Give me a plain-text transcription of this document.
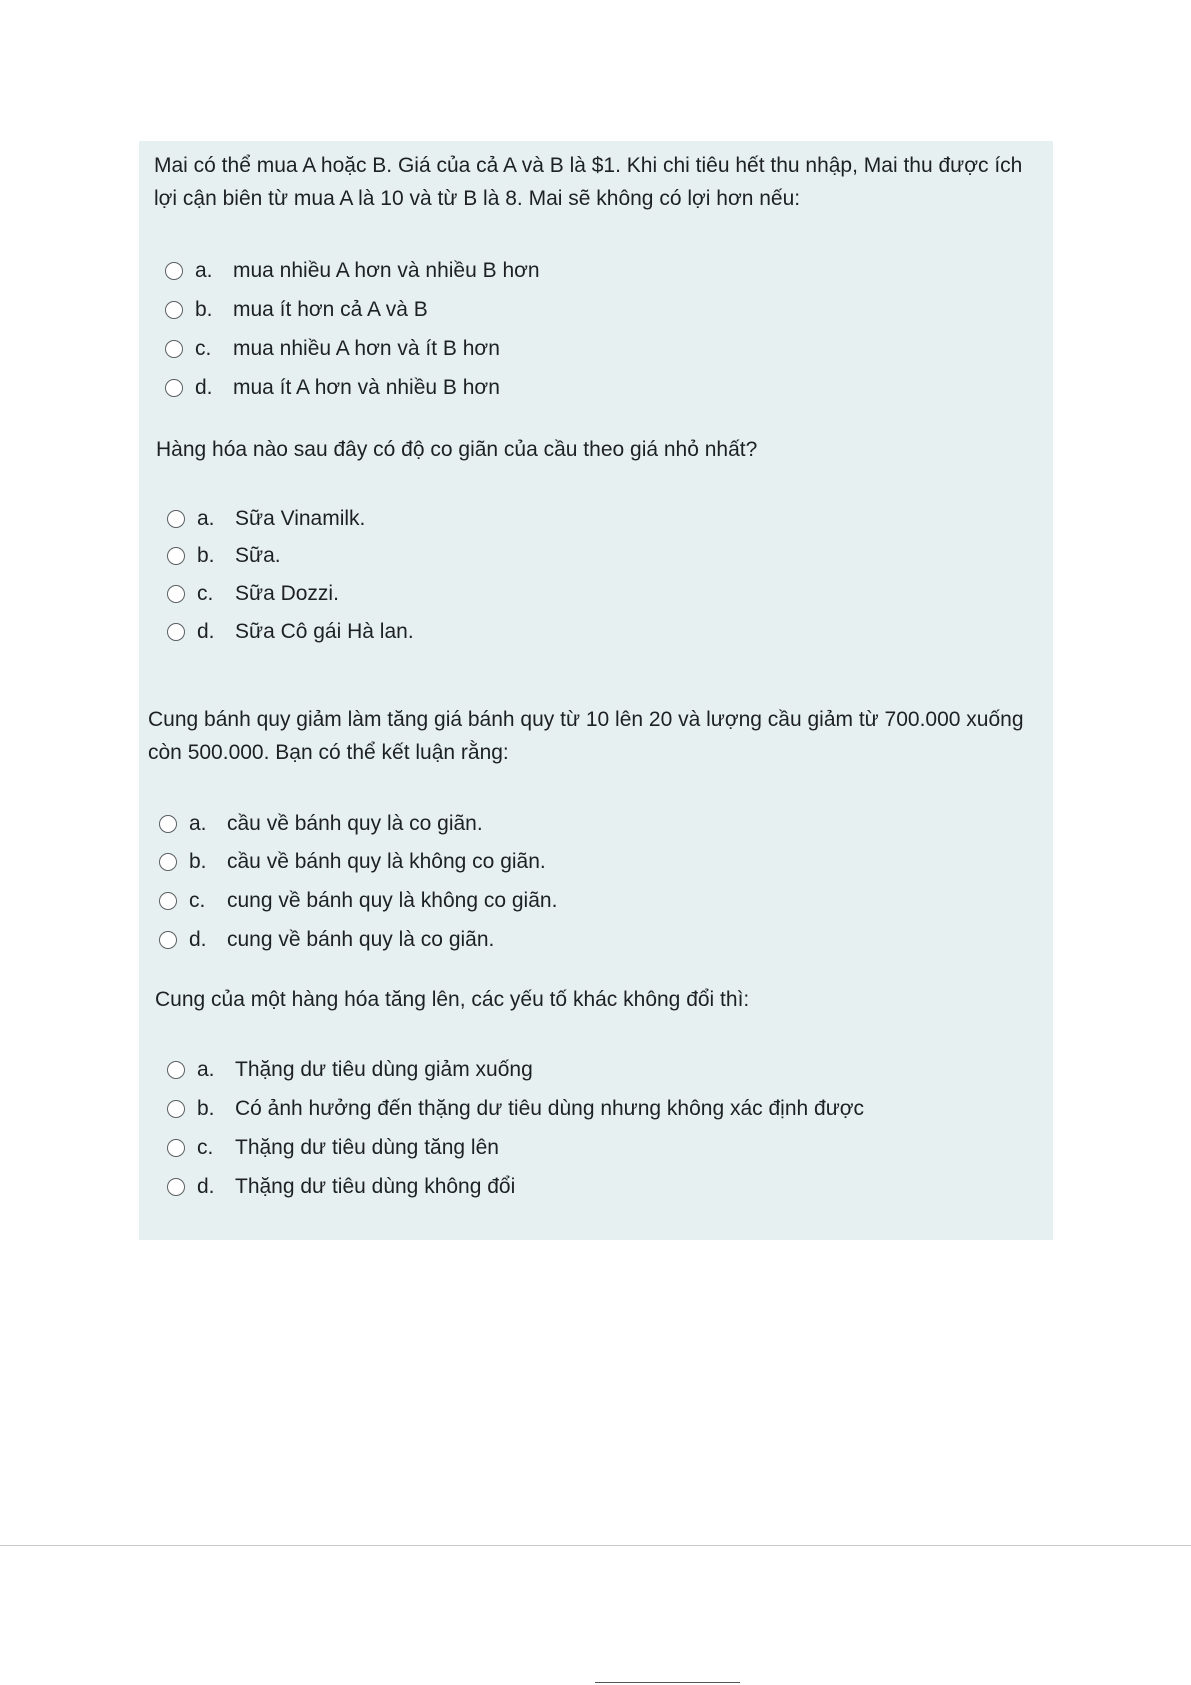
Mai có thể mua A hoặc B. Giá của cả A và B là $1. Khi chi tiêu hết thu nhập, Mai thu được ích lợi cận biên từ mua A là 10 và từ B là 8. Mai sẽ không có lợi hơn nếu:

a. mua nhiều A hơn và nhiều B hơn
b. mua ít hơn cả A và B
c.	mua nhiều A hơn và ít B hơn
d. mua ít A hơn và nhiều B hơn

Hàng hóa nào sau đây có độ co giãn của cầu theo giá nhỏ nhất?

a. Sữa Vinamilk.
b. Sữa.
c.	Sữa Dozzi.
d. Sữa Cô gái Hà lan.

Cung bánh quy giảm làm tăng giá bánh quy từ 10 lên 20 và lượng cầu giảm từ 700.000 xuống còn 500.000. Bạn có thể kết luận rằng:

a. cầu về bánh quy là co giãn.
b. cầu về bánh quy là không co giãn.
c.	cung về bánh quy là không co giãn.
d. cung về bánh quy là co giãn.

Cung của một hàng hóa tăng lên, các yếu tố khác không đổi thì:

a. Thặng dư tiêu dùng giảm xuống
b. Có ảnh hưởng đến thặng dư tiêu dùng nhưng không xác định được
c.	Thặng dư tiêu dùng tăng lên
d. Thặng dư tiêu dùng không đổi
